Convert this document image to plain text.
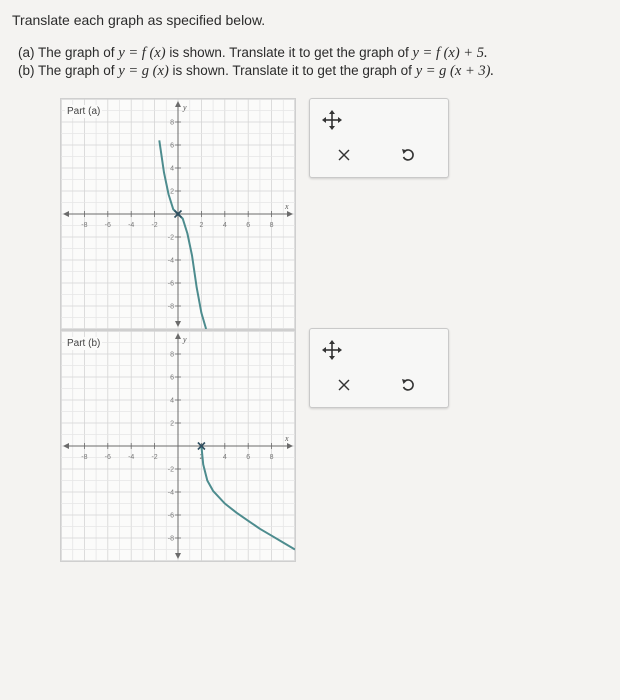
Translate each graph as specified below.
(a) The graph of y = f (x) is shown. Translate it to get the graph of y = f (x) + 5.
(b) The graph of y = g (x) is shown. Translate it to get the graph of y = g (x + 3).
-8 -6 -4 -2	2	4	6	8
8
6
4
2
-2
-4
-6
-8
x
y
Part (a)
-8 -6 -4 -2	2	4	6	8
8
6
4
2
-2
-4
-6
-8
x
y
Part (b)
